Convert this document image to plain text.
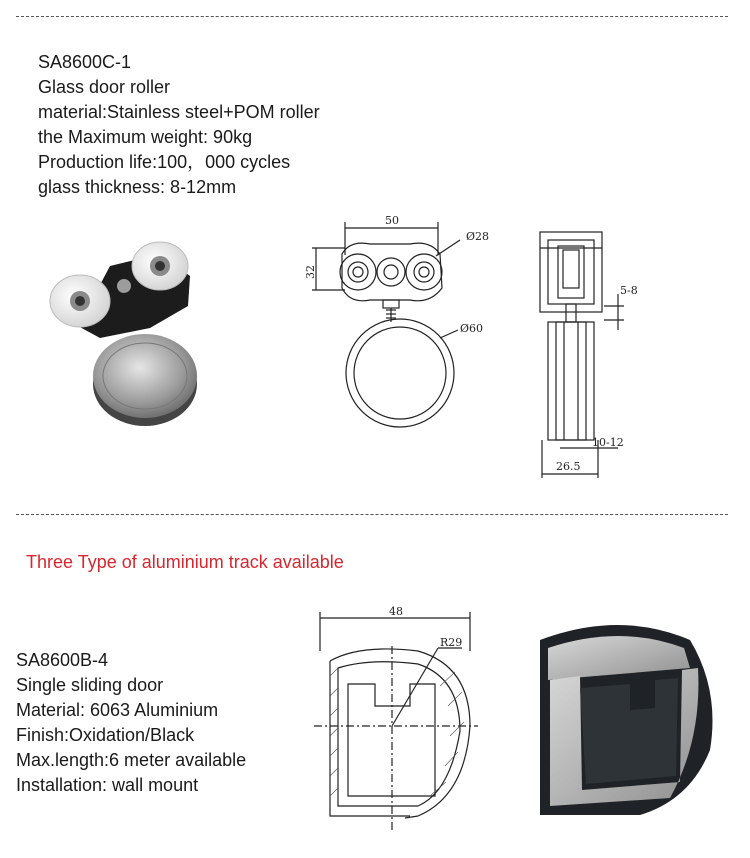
SA8600C-1
Glass door roller
material:Stainless steel+POM roller
the Maximum weight: 90kg
Production life:100，000 cycles
glass thickness: 8-12mm
50
32
Ø28
Ø60
5-8
10-12
26.5
Three Type of aluminium track available
SA8600B-4
Single sliding door
Material: 6063 Aluminium
Finish:Oxidation/Black
Max.length:6 meter available
Installation: wall mount
48
R29
